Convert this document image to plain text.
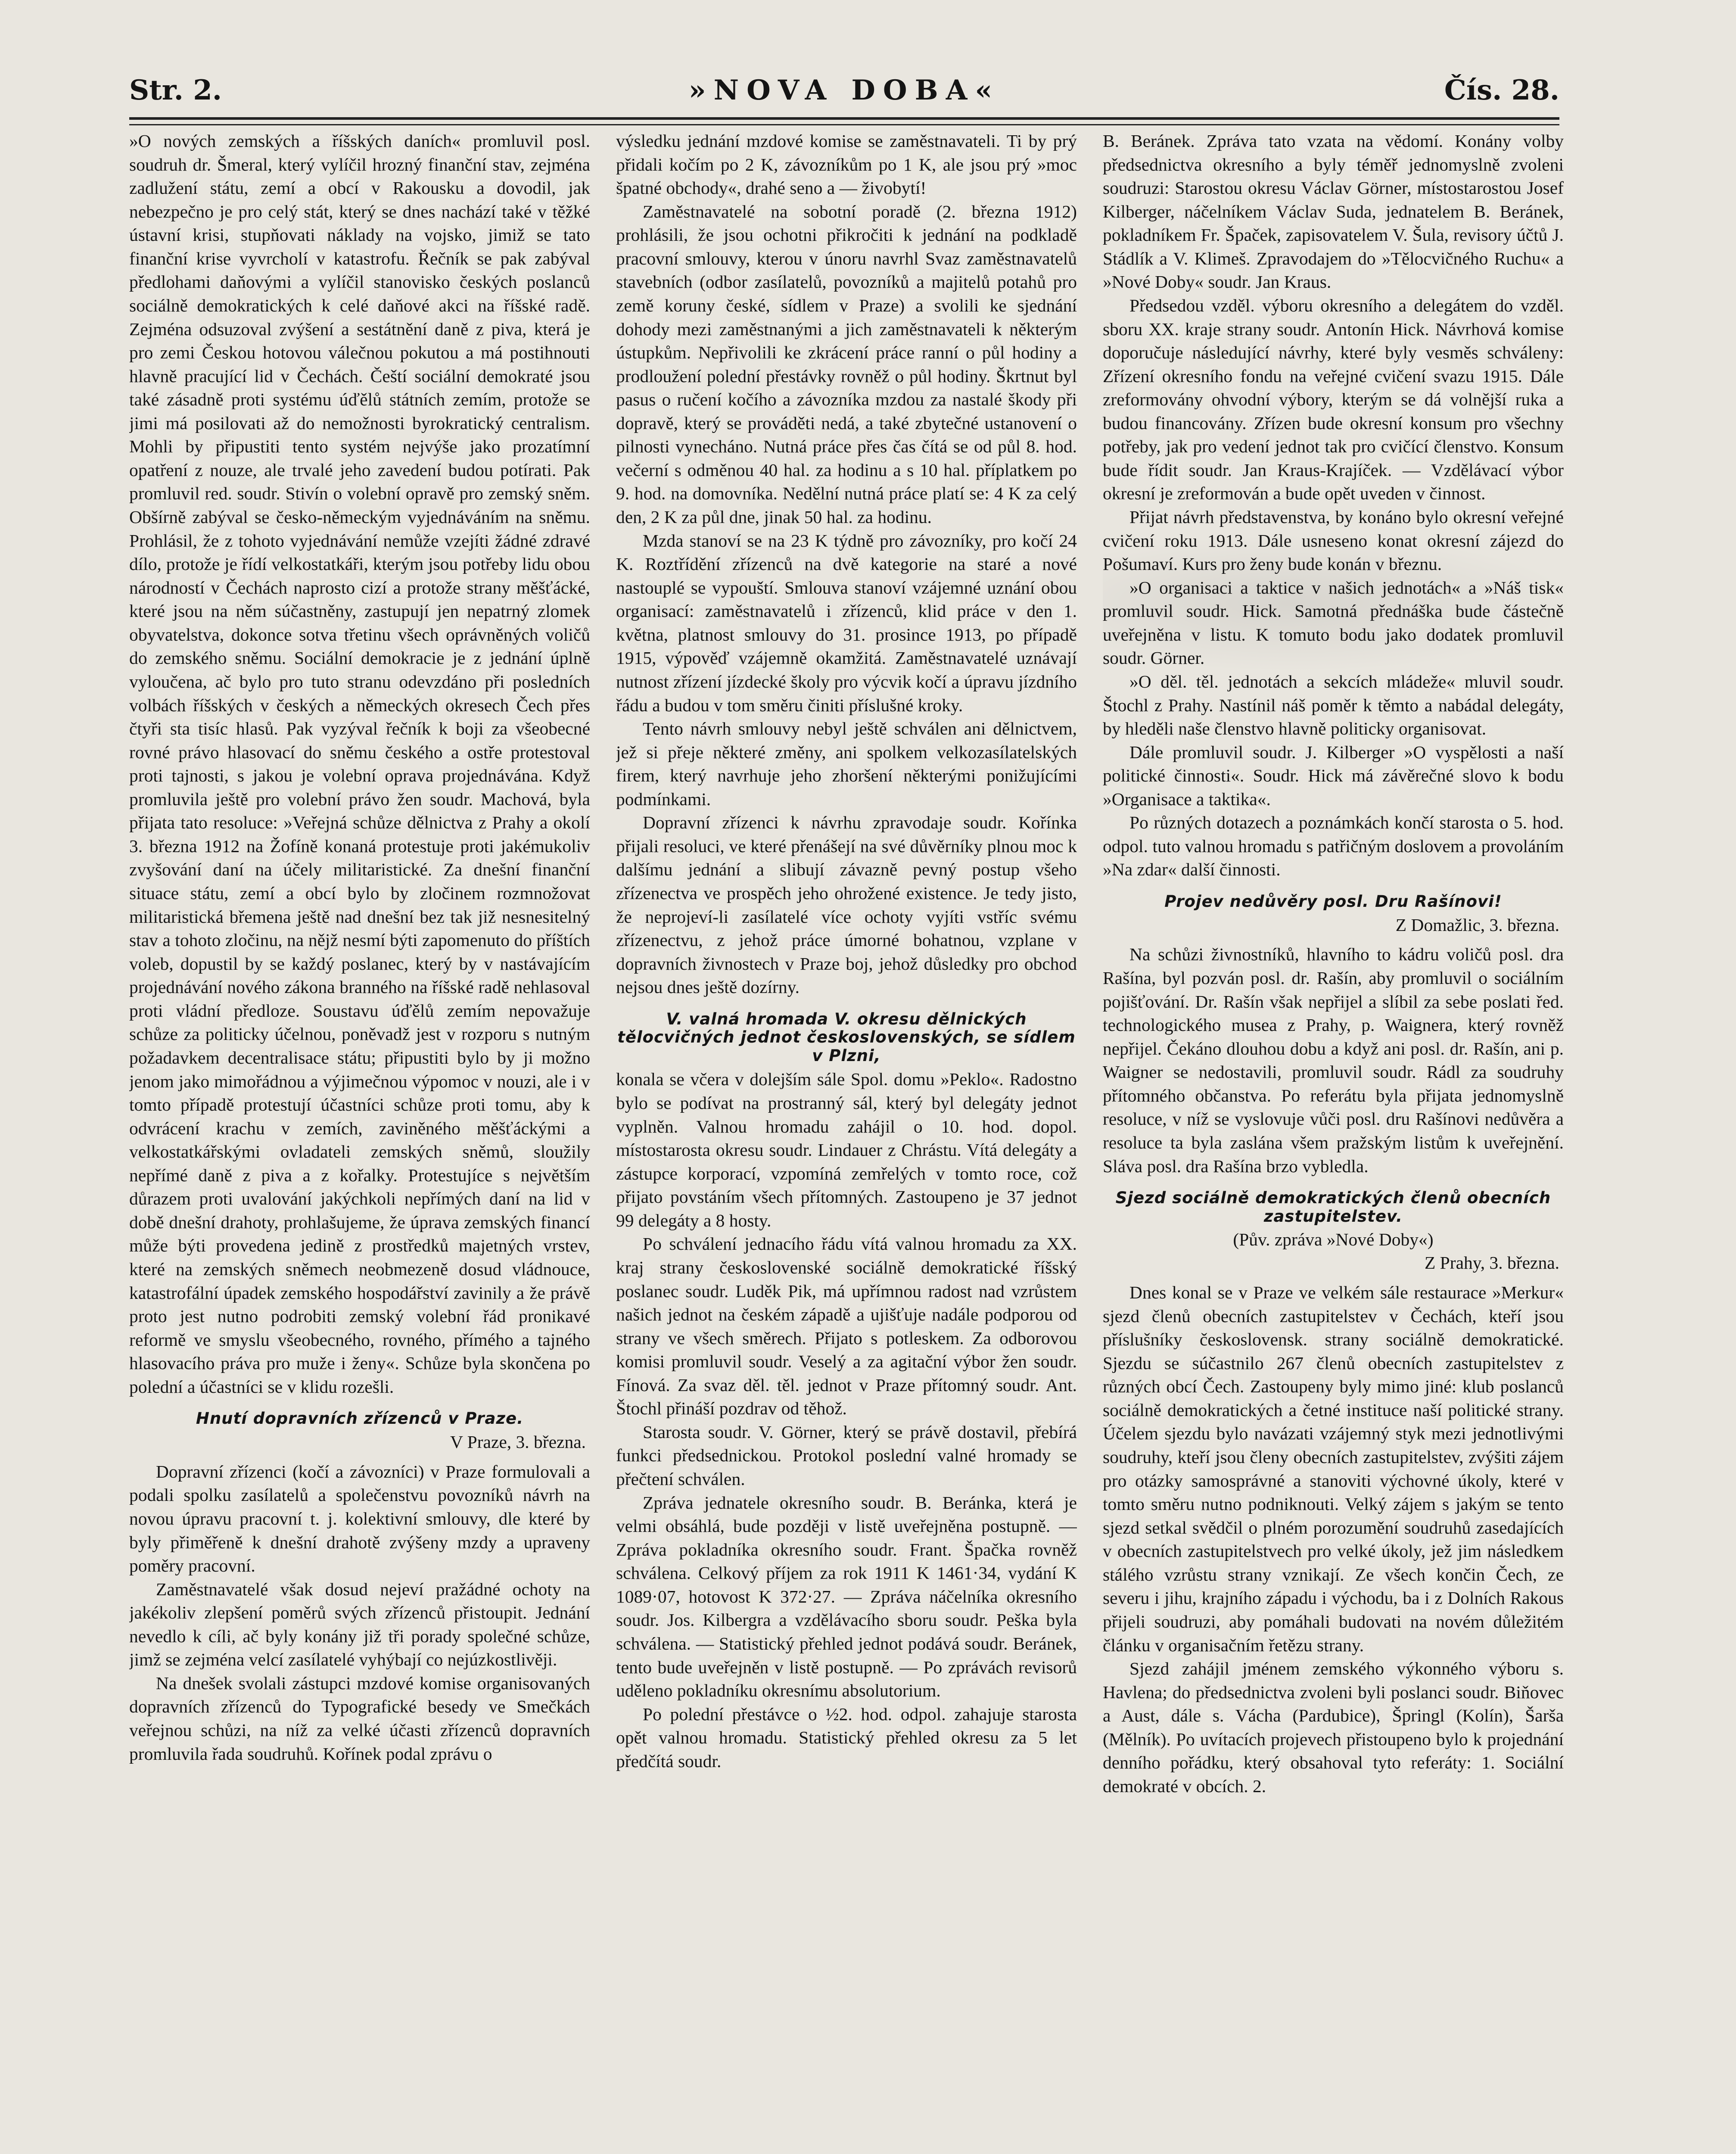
Str. 2.	»NOVA DOBA«	Čís. 28.

»O nových zemských a říšských daních« promluvil posl. soudruh dr. Šmeral, který vylíčil hrozný finanční stav, zejména zadlužení státu, zemí a obcí v Rakousku a dovodil, jak nebezpečno je pro celý stát, který se dnes nachází také v těžké ústavní krisi, stupňovati náklady na vojsko, jimiž se tato finanční krise vyvrcholí v katastrofu. Řečník se pak zabýval předlohami daňovými a vylíčil stanovisko českých poslanců sociálně demokratických k celé daňové akci na říšské radě. Zejména odsuzoval zvýšení a sestátnění daně z piva, která je pro zemi Českou hotovou válečnou pokutou a má postihnouti hlavně pracující lid v Čechách. Čeští sociální demokraté jsou také zásadně proti systému úďělů státních zemím, protože se jimi má posilovati až do nemožnosti byrokratický centralism. Mohli by připustiti tento systém nejvýše jako prozatímní opatření z nouze, ale trvalé jeho zavedení budou potírati. Pak promluvil red. soudr. Stivín o volební opravě pro zemský sněm. Obšírně zabýval se česko-německým vyjednáváním na sněmu. Prohlásil, že z tohoto vyjednávání nemůže vzejíti žádné zdravé dílo, protože je řídí velkostatkáři, kterým jsou potřeby lidu obou národností v Čechách naprosto cizí a protože strany měšťácké, které jsou na něm súčastněny, zastupují jen nepatrný zlomek obyvatelstva, dokonce sotva třetinu všech oprávněných voličů do zemského sněmu. Sociální demokracie je z jednání úplně vyloučena, ač bylo pro tuto stranu odevzdáno při posledních volbách říšských v českých a německých okresech Čech přes čtyři sta tisíc hlasů. Pak vyzýval řečník k boji za všeobecné rovné právo hlasovací do sněmu českého a ostře protestoval proti tajnosti, s jakou je volební oprava projednávána. Když promluvila ještě pro volební právo žen soudr. Machová, byla přijata tato resoluce: »Veřejná schůze dělnictva z Prahy a okolí 3. března 1912 na Žofíně konaná protestuje proti jakémukoliv zvyšování daní na účely militaristické. Za dnešní finanční situace státu, zemí a obcí bylo by zločinem rozmnožovat militaristická břemena ještě nad dnešní bez tak již nesnesitelný stav a tohoto zločinu, na nějž nesmí býti zapomenuto do příštích voleb, dopustil by se každý poslanec, který by v nastávajícím projednávání nového zákona branného na říšské radě nehlasoval proti vládní předloze. Soustavu úďělů zemím nepovažuje schůze za politicky účelnou, poněvadž jest v rozporu s nutným požadavkem decentralisace státu; připustiti bylo by ji možno jenom jako mimořádnou a výjimečnou výpomoc v nouzi, ale i v tomto případě protestují účastníci schůze proti tomu, aby k odvrácení krachu v zemích, zaviněného měšťáckými a velkostatkářskými ovladateli zemských sněmů, sloužily nepřímé daně z piva a z kořalky. Protestujíce s největším důrazem proti uvalování jakýchkoli nepřímých daní na lid v době dnešní drahoty, prohlašujeme, že úprava zemských financí může býti provedena jedině z prostředků majetných vrstev, které na zemských sněmech neobmezeně dosud vládnouce, katastrofální úpadek zemského hospodářství zavinily a že právě proto jest nutno podrobiti zemský volební řád pronikavé reformě ve smyslu všeobecného, rovného, přímého a tajného hlasovacího práva pro muže i ženy«. Schůze byla skončena po polední a účastníci se v klidu rozešli.

Hnutí dopravních zřízenců v Praze.
V Praze, 3. března.

Dopravní zřízenci (kočí a závozníci) v Praze formulovali a podali spolku zasílatelů a společenstvu povozníků návrh na novou úpravu pracovní t. j. kolektivní smlouvy, dle které by byly přiměřeně k dnešní drahotě zvýšeny mzdy a upraveny poměry pracovní.

Zaměstnavatelé však dosud nejeví pražádné ochoty na jakékoliv zlepšení poměrů svých zřízenců přistoupit. Jednání nevedlo k cíli, ač byly konány již tři porady společné schůze, jimž se zejména velcí zasílatelé vyhýbají co nejúzkostlivěji.

Na dnešek svolali zástupci mzdové komise organisovaných dopravních zřízenců do Typografické besedy ve Smečkách veřejnou schůzi, na níž za velké účasti zřízenců dopravních promluvila řada soudruhů. Kořínek podal zprávu o

výsledku jednání mzdové komise se zaměstnavateli. Ti by prý přidali kočím po 2 K, závozníkům po 1 K, ale jsou prý »moc špatné obchody«, drahé seno a — živobytí!

Zaměstnavatelé na sobotní poradě (2. března 1912) prohlásili, že jsou ochotni přikročiti k jednání na podkladě pracovní smlouvy, kterou v únoru navrhl Svaz zaměstnavatelů stavebních (odbor zasílatelů, povozníků a majitelů potahů pro země koruny české, sídlem v Praze) a svolili ke sjednání dohody mezi zaměstnanými a jich zaměstnavateli k některým ústupkům. Nepřivolili ke zkrácení práce ranní o půl hodiny a prodloužení polední přestávky rovněž o půl hodiny. Škrtnut byl pasus o ručení kočího a závozníka mzdou za nastalé škody při dopravě, který se prováděti nedá, a také zbytečné ustanovení o pilnosti vynecháno. Nutná práce přes čas čítá se od půl 8. hod. večerní s odměnou 40 hal. za hodinu a s 10 hal. příplatkem po 9. hod. na domovníka. Nedělní nutná práce platí se: 4 K za celý den, 2 K za půl dne, jinak 50 hal. za hodinu.

Mzda stanoví se na 23 K týdně pro závozníky, pro kočí 24 K. Roztřídění zřízenců na dvě kategorie na staré a nové nastouplé se vypouští. Smlouva stanoví vzájemné uznání obou organisací: zaměstnavatelů i zřízenců, klid práce v den 1. května, platnost smlouvy do 31. prosince 1913, po případě 1915, výpověď vzájemně okamžitá. Zaměstnavatelé uznávají nutnost zřízení jízdecké školy pro výcvik kočí a úpravu jízdního řádu a budou v tom směru činiti příslušné kroky.

Tento návrh smlouvy nebyl ještě schválen ani dělnictvem, jež si přeje některé změny, ani spolkem velkozasílatelských firem, který navrhuje jeho zhoršení některými ponižujícími podmínkami.

Dopravní zřízenci k návrhu zpravodaje soudr. Kořínka přijali resoluci, ve které přenášejí na své důvěrníky plnou moc k dalšímu jednání a slibují závazně pevný postup všeho zřízenectva ve prospěch jeho ohrožené existence. Je tedy jisto, že neprojeví-li zasílatelé více ochoty vyjíti vstříc svému zřízenectvu, z jehož práce úmorné bohatnou, vzplane v dopravních živnostech v Praze boj, jehož důsledky pro obchod nejsou dnes ještě dozírny.

V. valná hromada V. okresu dělnických tělocvičných jednot československých, se sídlem v Plzni,

konala se včera v dolejším sále Spol. domu »Peklo«. Radostno bylo se podívat na prostranný sál, který byl delegáty jednot vyplněn. Valnou hromadu zahájil o 10. hod. dopol. místostarosta okresu soudr. Lindauer z Chrástu. Vítá delegáty a zástupce korporací, vzpomíná zemřelých v tomto roce, což přijato povstáním všech přítomných. Zastoupeno je 37 jednot 99 delegáty a 8 hosty.

Po schválení jednacího řádu vítá valnou hromadu za XX. kraj strany československé sociálně demokratické říšský poslanec soudr. Luděk Pik, má upřímnou radost nad vzrůstem našich jednot na českém západě a ujišťuje nadále podporou od strany ve všech směrech. Přijato s potleskem. Za odborovou komisi promluvil soudr. Veselý a za agitační výbor žen soudr. Fínová. Za svaz děl. těl. jednot v Praze přítomný soudr. Ant. Štochl přináší pozdrav od těhož.

Starosta soudr. V. Görner, který se právě dostavil, přebírá funkci předsednickou. Protokol poslední valné hromady se přečtení schválen.

Zpráva jednatele okresního soudr. B. Beránka, která je velmi obsáhlá, bude později v listě uveřejněna postupně. — Zpráva pokladníka okresního soudr. Frant. Špačka rovněž schválena. Celkový příjem za rok 1911 K 1461·34, vydání K 1089·07, hotovost K 372·27. — Zpráva náčelníka okresního soudr. Jos. Kilbergra a vzdělávacího sboru soudr. Peška byla schválena. — Statistický přehled jednot podává soudr. Beránek, tento bude uveřejněn v listě postupně. — Po zprávách revisorů uděleno pokladníku okresnímu absolutorium.

Po polední přestávce o ½2. hod. odpol. zahajuje starosta opět valnou hromadu. Statistický přehled okresu za 5 let předčítá soudr.

B. Beránek. Zpráva tato vzata na vědomí. Konány volby předsednictva okresního a byly téměř jednomyslně zvoleni soudruzi: Starostou okresu Václav Görner, místostarostou Josef Kilberger, náčelníkem Václav Suda, jednatelem B. Beránek, pokladníkem Fr. Špaček, zapisovatelem V. Šula, revisory účtů J. Stádlík a V. Klimeš. Zpravodajem do »Tělocvičného Ruchu« a »Nové Doby« soudr. Jan Kraus.

Předsedou vzděl. výboru okresního a delegátem do vzděl. sboru XX. kraje strany soudr. Antonín Hick. Návrhová komise doporučuje následující návrhy, které byly vesměs schváleny: Zřízení okresního fondu na veřejné cvičení svazu 1915. Dále zreformovány ohvodní výbory, kterým se dá volnější ruka a budou financovány. Zřízen bude okresní konsum pro všechny potřeby, jak pro vedení jednot tak pro cvičící členstvo. Konsum bude řídit soudr. Jan Kraus-Krajíček. — Vzdělávací výbor okresní je zreformován a bude opět uveden v činnost.

Přijat návrh představenstva, by konáno bylo okresní veřejné cvičení roku 1913. Dále usneseno konat okresní zájezd do Pošumaví. Kurs pro ženy bude konán v březnu.

»O organisaci a taktice v našich jednotách« a »Náš tisk« promluvil soudr. Hick. Samotná přednáška bude částečně uveřejněna v listu. K tomuto bodu jako dodatek promluvil soudr. Görner.

»O děl. těl. jednotách a sekcích mládeže« mluvil soudr. Štochl z Prahy. Nastínil náš poměr k těmto a nabádal delegáty, by hleděli naše členstvo hlavně politicky organisovat.

Dále promluvil soudr. J. Kilberger »O vyspělosti a naší politické činnosti«. Soudr. Hick má závěrečné slovo k bodu »Organisace a taktika«.

Po různých dotazech a poznámkách končí starosta o 5. hod. odpol. tuto valnou hromadu s patřičným doslovem a provoláním »Na zdar« další činnosti.

Projev nedůvěry posl. Dru Rašínovi!
Z Domažlic, 3. března.

Na schůzi živnostníků, hlavního to kádru voličů posl. dra Rašína, byl pozván posl. dr. Rašín, aby promluvil o sociálním pojišťování. Dr. Rašín však nepřijel a slíbil za sebe poslati řed. technologického musea z Prahy, p. Waignera, který rovněž nepřijel. Čekáno dlouhou dobu a když ani posl. dr. Rašín, ani p. Waigner se nedostavili, promluvil soudr. Rádl za soudruhy přítomného občanstva. Po referátu byla přijata jednomyslně resoluce, v níž se vyslovuje vůči posl. dru Rašínovi nedůvěra a resoluce ta byla zaslána všem pražským listům k uveřejnění. Sláva posl. dra Rašína brzo vybledla.

Sjezd sociálně demokratických členů obecních zastupitelstev.
(Pův. zpráva »Nové Doby«)
Z Prahy, 3. března.

Dnes konal se v Praze ve velkém sále restaurace »Merkur« sjezd členů obecních zastupitelstev v Čechách, kteří jsou příslušníky československ. strany sociálně demokratické. Sjezdu se súčastnilo 267 členů obecních zastupitelstev z různých obcí Čech. Zastoupeny byly mimo jiné: klub poslanců sociálně demokratických a četné instituce naší politické strany. Účelem sjezdu bylo navázati vzájemný styk mezi jednotlivými soudruhy, kteří jsou členy obecních zastupitelstev, zvýšiti zájem pro otázky samosprávné a stanoviti výchovné úkoly, které v tomto směru nutno podniknouti. Velký zájem s jakým se tento sjezd setkal svědčil o plném porozumění soudruhů zasedajících v obecních zastupitelstvech pro velké úkoly, jež jim následkem stálého vzrůstu strany vznikají. Ze všech končin Čech, ze severu i jihu, krajního západu i východu, ba i z Dolních Rakous přijeli soudruzi, aby pomáhali budovati na novém důležitém článku v organisačním řetězu strany.

Sjezd zahájil jménem zemského výkonného výboru s. Havlena; do předsednictva zvoleni byli poslanci soudr. Biňovec a Aust, dále s. Vácha (Pardubice), Špringl (Kolín), Šarša (Mělník). Po uvítacích projevech přistoupeno bylo k projednání denního pořádku, který obsahoval tyto referáty: 1. Sociální demokraté v obcích. 2.
